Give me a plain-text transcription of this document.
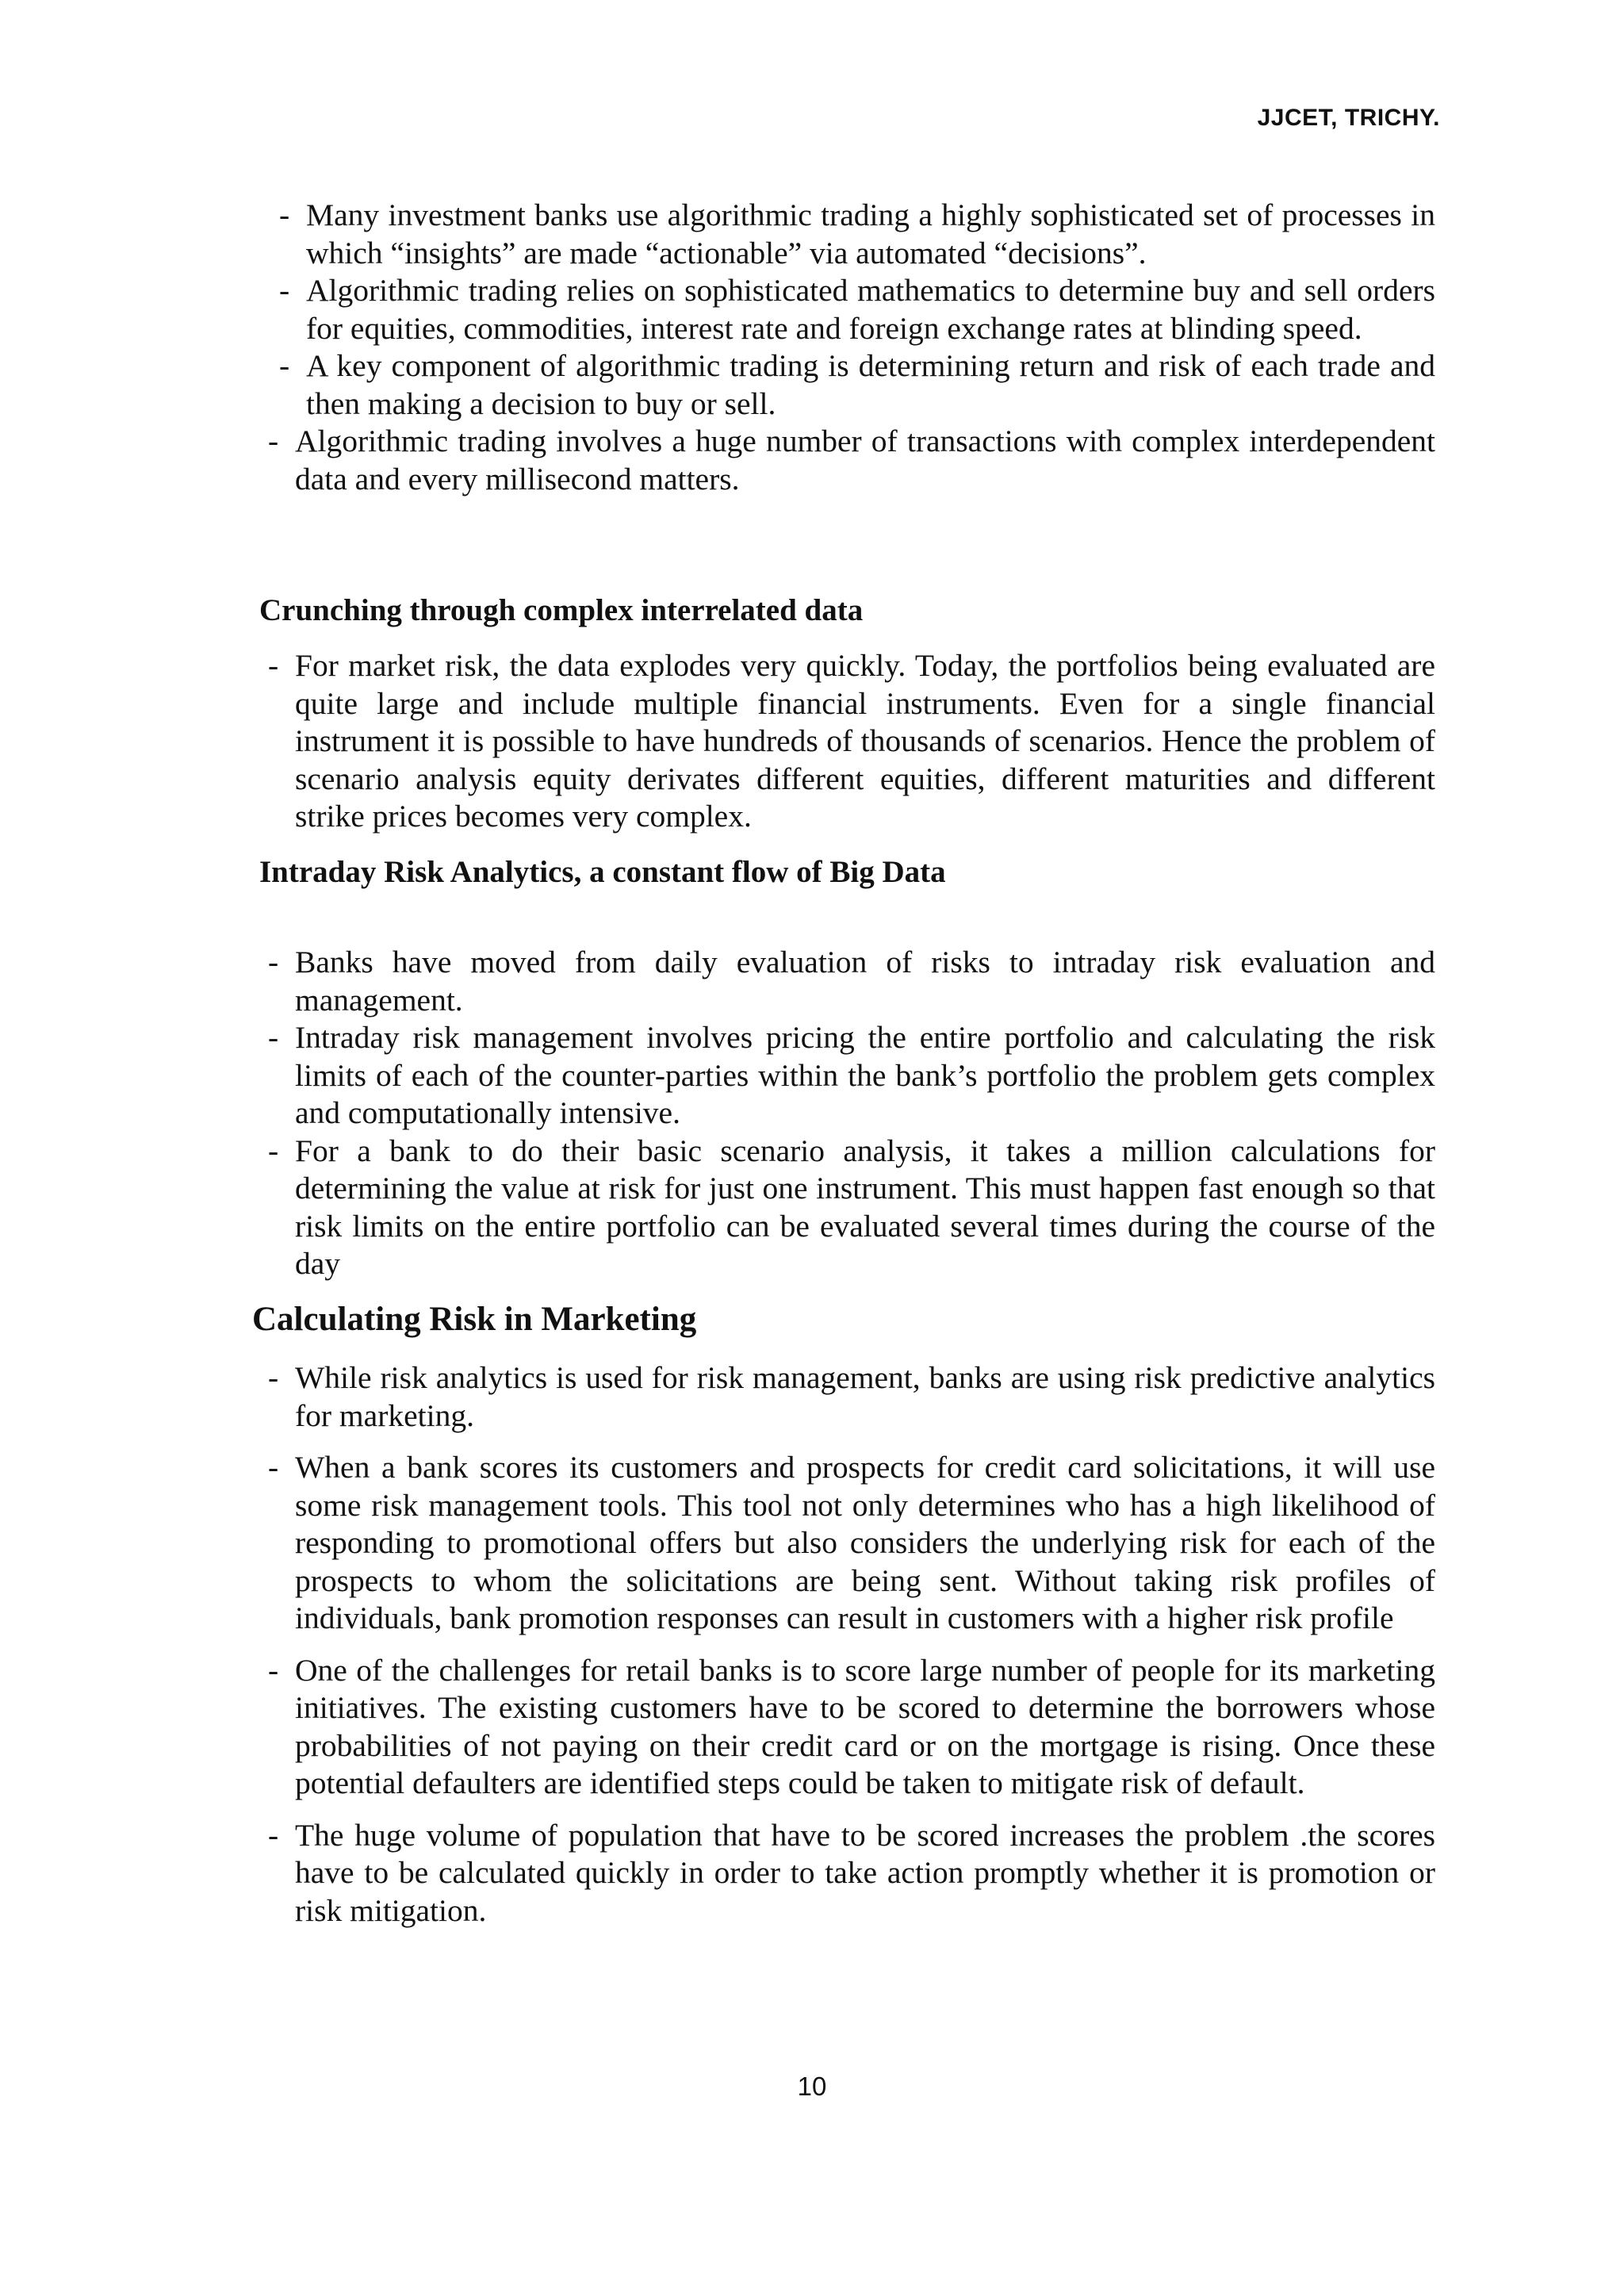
JJCET, TRICHY.
- Many investment banks use algorithmic trading a highly sophisticated set of processes in which “insights” are made “actionable” via automated “decisions”.
- Algorithmic trading relies on sophisticated mathematics to determine buy and sell orders for equities, commodities, interest rate and foreign exchange rates at blinding speed.
- A key component of algorithmic trading is determining return and risk of each trade and then making a decision to buy or sell.
- Algorithmic trading involves a huge number of transactions with complex interdependent data and every millisecond matters.
Crunching through complex interrelated data
- For market risk, the data explodes very quickly. Today, the portfolios being evaluated are quite large and include multiple financial instruments. Even for a single financial instrument it is possible to have hundreds of thousands of scenarios. Hence the problem of scenario analysis equity derivates different equities, different maturities and different strike prices becomes very complex.
Intraday Risk Analytics, a constant flow of Big Data
- Banks have moved from daily evaluation of risks to intraday risk evaluation and management.
- Intraday risk management involves pricing the entire portfolio and calculating the risk limits of each of the counter-parties within the bank’s portfolio the problem gets complex and computationally intensive.
- For a bank to do their basic scenario analysis, it takes a million calculations for determining the value at risk for just one instrument. This must happen fast enough so that risk limits on the entire portfolio can be evaluated several times during the course of the day
Calculating Risk in Marketing
- While risk analytics is used for risk management, banks are using risk predictive analytics for marketing.
- When a bank scores its customers and prospects for credit card solicitations, it will use some risk management tools. This tool not only determines who has a high likelihood of responding to promotional offers but also considers the underlying risk for each of the prospects to whom the solicitations are being sent. Without taking risk profiles of individuals, bank promotion responses can result in customers with a higher risk profile
- One of the challenges for retail banks is to score large number of people for its marketing initiatives. The existing customers have to be scored to determine the borrowers whose probabilities of not paying on their credit card or on the mortgage is rising. Once these potential defaulters are identified steps could be taken to mitigate risk of default.
- The huge volume of population that have to be scored increases the problem .the scores have to be calculated quickly in order to take action promptly whether it is promotion or risk mitigation.
10
